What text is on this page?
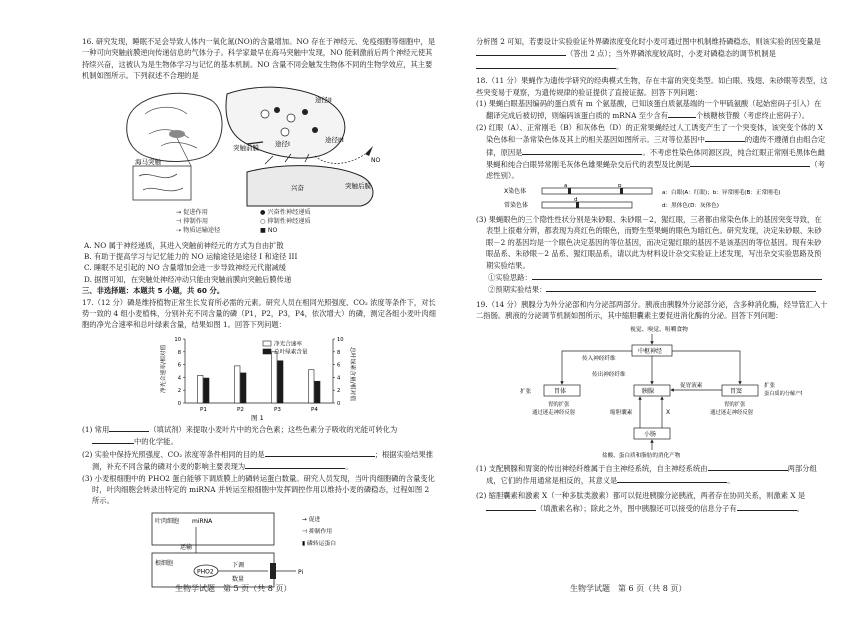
16. 研究发现，睡眠不足会导致人体内一氧化氮(NO)的含量增加。NO 存在于神经元、免疫细胞等细胞中，是一种可向突触前膜逆向传递信息的气体分子。科学家最早在海马突触中发现，NO 能刺激前后两个神经元使其持续兴奋，这被认为是生物体学习与记忆的基本机制。NO 含量不同会触发生物体不同的生物学效应，其主要机制如图所示。下列叙述不合理的是

海马突触
突触前膜 途径I
途径II
途径III
突触后膜
兴奋
NO
→ 促进作用
⊣ 抑制作用
⇢ 物质运输途径
● 兴奋性神经递质
○ 抑制性神经递质
■ NO

A. NO 属于神经递质，其进入突触前神经元的方式为自由扩散

B. 有助于提高学习与记忆能力的 NO 运输途径是途径 I 和途径 III

C. 睡眠不足引起的 NO 含量增加会进一步导致神经元代谢减缓

D. 据图可知，在突触处神经冲动只能由突触前膜向突触后膜传递

三、非选择题：本题共 5 小题，共 60 分。

17.（12 分）磷是维持植物正常生长发育所必需的元素。研究人员在相同光照强度、CO₂ 浓度等条件下，对长势一致的 4 组小麦植株，分别补充不同含量的磷（P1，P2，P3，P4，依次增大）的磷，测定各组小麦叶肉细胞的净光合速率和总叶绿素含量，结果如图 1。回答下列问题：

0	0
2	2
4	4
6	6
8	8
10	10
P1	P2	P3	P4
净光合速率/相对值	总叶绿素含量/相对值
净光合速率
总叶绿素含量
图 1

(1) 常用	（填试剂）来提取小麦叶片中的光合色素；这些色素分子吸收的光能可转化为中的化学能。

(2) 实验中保持光照强度、CO₂ 浓度等条件相同的目的是	；根据实验结果推测，补充不同含量的磷对小麦的影响主要表现为	。

(3) 小麦根细胞中的 PHO2 蛋白能够下调质膜上的磷转运蛋白数量。研究人员发现，当叶肉细胞磷的含量变化时，叶肉细胞会转录出特定的 miRNA 并转运至根细胞中发挥调控作用以维持小麦的磷稳态，过程如图 2 所示。

叶肉细胞
根细胞
miRNA
运输
PHO2
下调
数量
Pi
→ 促进
⊣ 抑制作用
▮ 磷转运蛋白

分析图 2 可知，若要设计实验验证外界磷浓度变化时小麦可通过图中机制维持磷稳态，则该实验的因变量是（答出 2 点）；当外界磷浓度较高时，小麦对磷稳态的调节机制是。

18.（11 分）果蝇作为遗传学研究的经典模式生物，存在丰富的突变类型。如白眼、残翅、朱砂眼等表型，这些突变易于观察，为遗传规律的验证提供了直接证据。回答下列问题：

(1) 果蝇白眼基因编码的蛋白质有 m 个氨基酸，已知该蛋白质氨基端的一个甲硫氨酸（起始密码子引入）在翻译完成后被切掉，则编码该蛋白质的 mRNA 至少含有	个核糖核苷酸（考虑终止密码子）。

(2) 红眼（A）、正常刚毛（B）和灰体色（D）的正常果蝇经过人工诱变产生了一个突变体，该突变个体的 X 染色体和一条常染色体及其上的相关基因如图所示。三对等位基因中	的遗传不遵循自由组合定律，原因是	。不考虑性染色体同源区段，纯合红眼正常刚毛黑体色雌果蝇和纯合白眼异常刚毛灰体色雄果蝇杂交后代的表型及比例是	（考虑性别）。

X染色体
a	b
常染色体
d
a：白眼(A：红眼)；b：异常刚毛(B：正常刚毛)
d：黑体色(D：灰体色)

(3) 果蝇眼色的三个隐性性状分别是朱砂眼、朱砂眼－2，猩红眼，三者都由常染色体上的基因突变导致，在表型上很难分辨，都表现为亮红色的眼色，而野生型果蝇的眼色为暗红色。研究发现，决定朱砂眼、朱砂眼－2 的基因均是一个眼色决定基因的等位基因，而决定猩红眼的基因不是该基因的等位基因。现有朱砂眼品系、朱砂眼－2 品系、猩红眼品系，请以此为材料设计杂交实验证上述发现，写出杂交实验思路及预期实验结果。

①实验思路：

②预期实验结果：

19.（14 分）胰腺分为外分泌部和内分泌部两部分。胰液由胰腺外分泌部分泌，含多种消化酶，经导管汇入十二指肠。胰液的分泌调节机制如图所示，其中缩胆囊素主要促进消化酶的分泌。回答下列问题：

视觉、嗅觉、咀嚼食物
中枢神经
传入神经纤维
传出神经纤维
胃体
扩张
胃的扩张
通过迷走神经反射
胰腺
促胃液素
胃窦
扩张
蛋白质的分解产物
胃的扩张
通过迷走神经反射
缩胆囊素	X
小肠
盐酸、蛋白质和脂肪的消化产物

(1) 支配胰腺和胃窦的传出神经纤维属于自主神经系统，自主神经系统由	两部分组成，它们的作用通常是相反的，其意义是	。

(2) 缩胆囊素和激素 X（一种多肽类激素）都可以促进胰腺分泌胰液，两者存在协同关系，则激素 X 是（填激素名称）；除此之外，图中胰腺还可以接受的信息分子有	。

生物学试题　第 5 页（共 8 页）	生物学试题　第 6 页（共 8 页）
